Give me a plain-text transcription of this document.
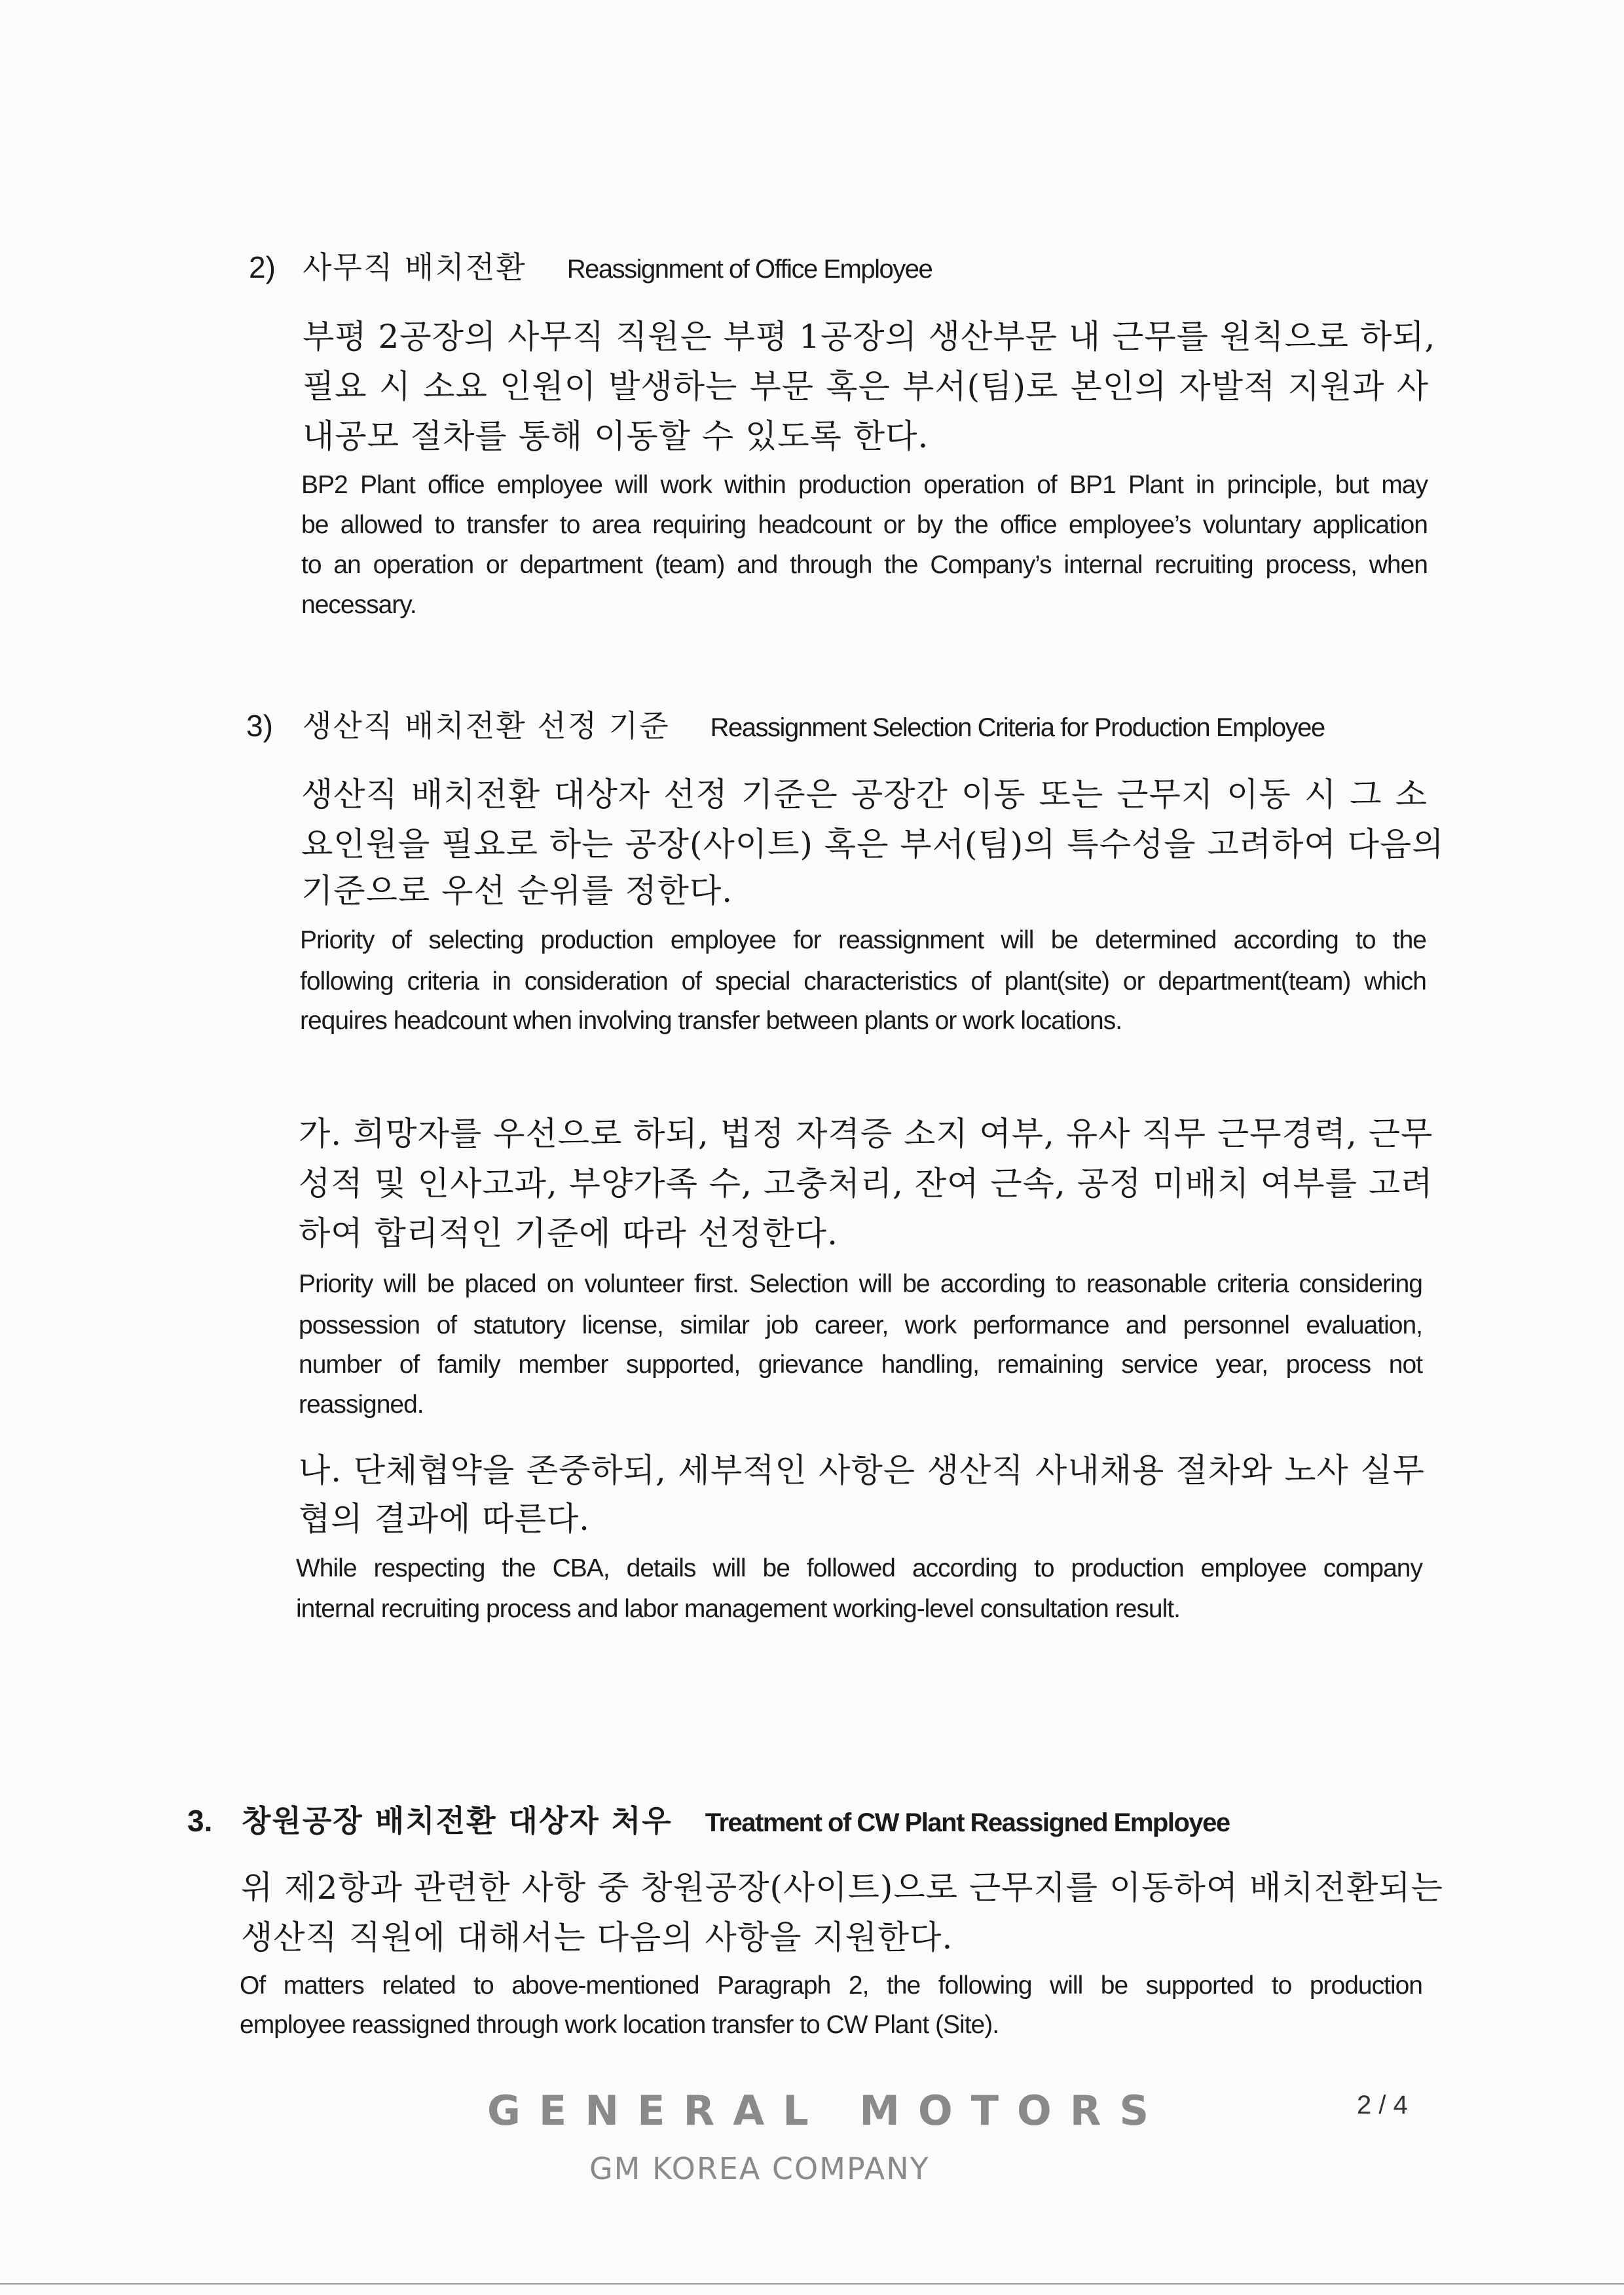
2) 사무직 배치전환 Reassignment of Office Employee
부평 2공장의 사무직 직원은 부평 1공장의 생산부문 내 근무를 원칙으로 하되,
필요 시 소요 인원이 발생하는 부문 혹은 부서(팀)로 본인의 자발적 지원과 사
내공모 절차를 통해 이동할 수 있도록 한다.
BP2 Plant office employee will work within production operation of BP1 Plant in principle, but may
be allowed to transfer to area requiring headcount or by the office employee’s voluntary application
to an operation or department (team) and through the Company’s internal recruiting process, when
necessary.
3) 생산직 배치전환 선정 기준 Reassignment Selection Criteria for Production Employee
생산직 배치전환 대상자 선정 기준은 공장간 이동 또는 근무지 이동 시 그 소
요인원을 필요로 하는 공장(사이트) 혹은 부서(팀)의 특수성을 고려하여 다음의
기준으로 우선 순위를 정한다.
Priority of selecting production employee for reassignment will be determined according to the
following criteria in consideration of special characteristics of plant(site) or department(team) which
requires headcount when involving transfer between plants or work locations.
가. 희망자를 우선으로 하되, 법정 자격증 소지 여부, 유사 직무 근무경력, 근무
성적 및 인사고과, 부양가족 수, 고충처리, 잔여 근속, 공정 미배치 여부를 고려
하여 합리적인 기준에 따라 선정한다.
Priority will be placed on volunteer first. Selection will be according to reasonable criteria considering
possession of statutory license, similar job career, work performance and personnel evaluation,
number of family member supported, grievance handling, remaining service year, process not
reassigned.
나. 단체협약을 존중하되, 세부적인 사항은 생산직 사내채용 절차와 노사 실무
협의 결과에 따른다.
While respecting the CBA, details will be followed according to production employee company
internal recruiting process and labor management working-level consultation result.
3. 창원공장 배치전환 대상자 처우 Treatment of CW Plant Reassigned Employee
위 제2항과 관련한 사항 중 창원공장(사이트)으로 근무지를 이동하여 배치전환되는
생산직 직원에 대해서는 다음의 사항을 지원한다.
Of matters related to above-mentioned Paragraph 2, the following will be supported to production
employee reassigned through work location transfer to CW Plant (Site).
GENERAL MOTORS
GM KOREA COMPANY
2 / 4
